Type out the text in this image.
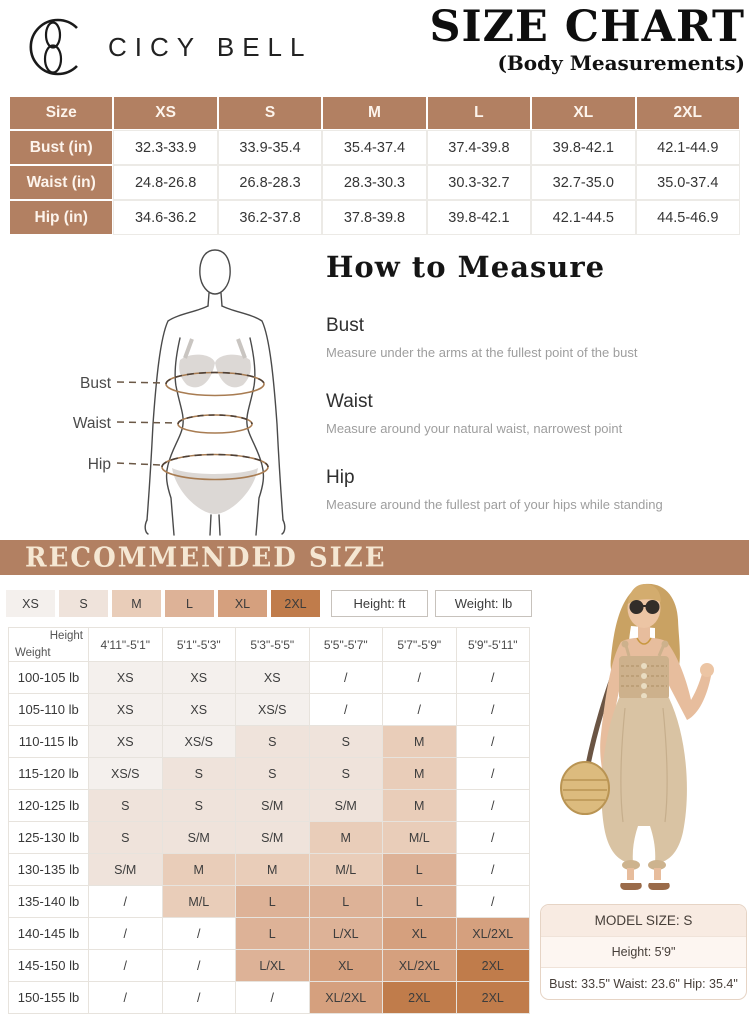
CICY BELL	SIZE CHART
(Body Measurements)
Size	XS	S	M	L	XL	2XL
Bust (in)	32.3-33.9	33.9-35.4	35.4-37.4	37.4-39.8	39.8-42.1	42.1-44.9
Waist (in)	24.8-26.8	26.8-28.3	28.3-30.3	30.3-32.7	32.7-35.0	35.0-37.4
Hip (in)	34.6-36.2	36.2-37.8	37.8-39.8	39.8-42.1	42.1-44.5	44.5-46.9
Bust
Waist
Hip
How to Measure
Bust
Measure under the arms at the fullest point of the bust
Waist
Measure around your natural waist, narrowest point
Hip
Measure around the fullest part of your hips while standing
RECOMMENDED SIZE
XS	S	M	L	XL	2XL	Height: ft	Weight: lb
Height
Weight	4'11"-5'1"	5'1"-5'3"	5'3"-5'5"	5'5"-5'7"	5'7"-5'9"	5'9"-5'11"
100-105 lb	XS	XS	XS	/	/	/
105-110 lb	XS	XS	XS/S	/	/	/
110-115 lb	XS	XS/S	S	S	M	/
115-120 lb	XS/S	S	S	S	M	/
120-125 lb	S	S	S/M	S/M	M	/
125-130 lb	S	S/M	S/M	M	M/L	/
130-135 lb	S/M	M	M	M/L	L	/
135-140 lb	/	M/L	L	L	L	/
140-145 lb	/	/	L	L/XL	XL	XL/2XL
145-150 lb	/	/	L/XL	XL	XL/2XL	2XL
150-155 lb	/	/	/	XL/2XL	2XL	2XL
MODEL SIZE: S
Height: 5'9"
Bust: 33.5" Waist: 23.6" Hip: 35.4"
